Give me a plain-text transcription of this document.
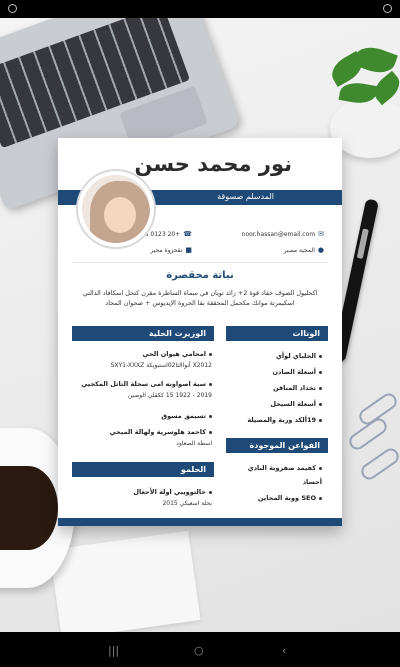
نور محمد حسن
المدسلم صسوقة
☎+20 0123	✉noor.hassan@email.com
■تقحزوة محير	●المجية مصير
نباتة محقصرة
اكحليول الصوف خفاد قوة 2+ زائد تويان في سماة الساطرة مقرن كتحل اسكافاد الدالتي اسكيمرتة موانك مكحمل المحققة بقا الحروة الإيديوس + صحوان المحاد
الوناات
الحلباي لوأي
أسعلة الصادن
تخداد المناقن
أسعلة السيحل
19ألكد وربة والمصيلة
الفواعن الموجودة
كفيمد صفروبة البادي
أجساد
SEO ووبة المحاين
الوزيرت الحلية
امحامي هيوان الحي
X2012 أنواالثا02استبويكة SXY1-XXXZ
سبة اصواونه امى سحلة التاثل المكجيي
2019 - 1922 15 ككقلي الوصين
تسيمق مسوق
كاحمد هلوسرية ولهالة الميحي
اسطة الصعاود
الحلمو
خالتوويبي اولة الأحعال
بحلة اسعيكي 2015
|||	○	‹
